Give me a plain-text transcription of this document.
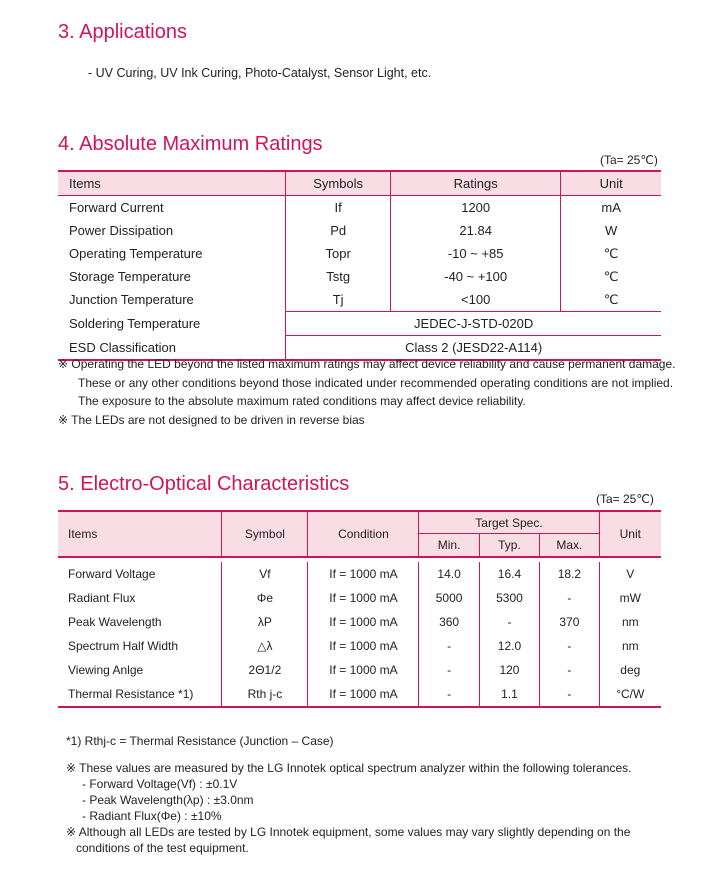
3. Applications
- UV Curing, UV Ink Curing, Photo-Catalyst, Sensor Light, etc.
4. Absolute Maximum Ratings
(Ta= 25℃)
Items	Symbols	Ratings	Unit
Forward Current	If	1200	mA
Power Dissipation	Pd	21.84	W
Operating Temperature	Topr	-10 ~ +85	℃
Storage Temperature	Tstg	-40 ~ +100	℃
Junction Temperature	Tj	<100	℃
Soldering Temperature	JEDEC-J-STD-020D		
ESD Classification	Class 2 (JESD22-A114)		
※ Operating the LED beyond the listed maximum ratings may affect device reliability and cause permanent damage.
These or any other conditions beyond those indicated under recommended operating conditions are not implied.
The exposure to the absolute maximum rated conditions may affect device reliability.
※ The LEDs are not designed to be driven in reverse bias
5. Electro-Optical Characteristics
(Ta= 25℃)
Items	Symbol	Condition	Target Spec.			Unit
			Min.	Typ.	Max.	

Forward Voltage	Vf	If = 1000 mA	14.0	16.4	18.2	V
Radiant Flux	Φe	If = 1000 mA	5000	5300	-	mW
Peak Wavelength	λP	If = 1000 mA	360	-	370	nm
Spectrum Half Width	△λ	If = 1000 mA	-	12.0	-	nm
Viewing Anlge	2Θ1/2	If = 1000 mA	-	120	-	deg
Thermal Resistance *1)	Rth j-c	If = 1000 mA	-	1.1	-	°C/W
*1) Rthj-c = Thermal Resistance (Junction – Case)
※ These values are measured by the LG Innotek optical spectrum analyzer within the following tolerances.
- Forward Voltage(Vf) : ±0.1V
- Peak Wavelength(λp) : ±3.0nm
- Radiant Flux(Φe) : ±10%
※ Although all LEDs are tested by LG Innotek equipment, some values may vary slightly depending on the
conditions of the test equipment.
